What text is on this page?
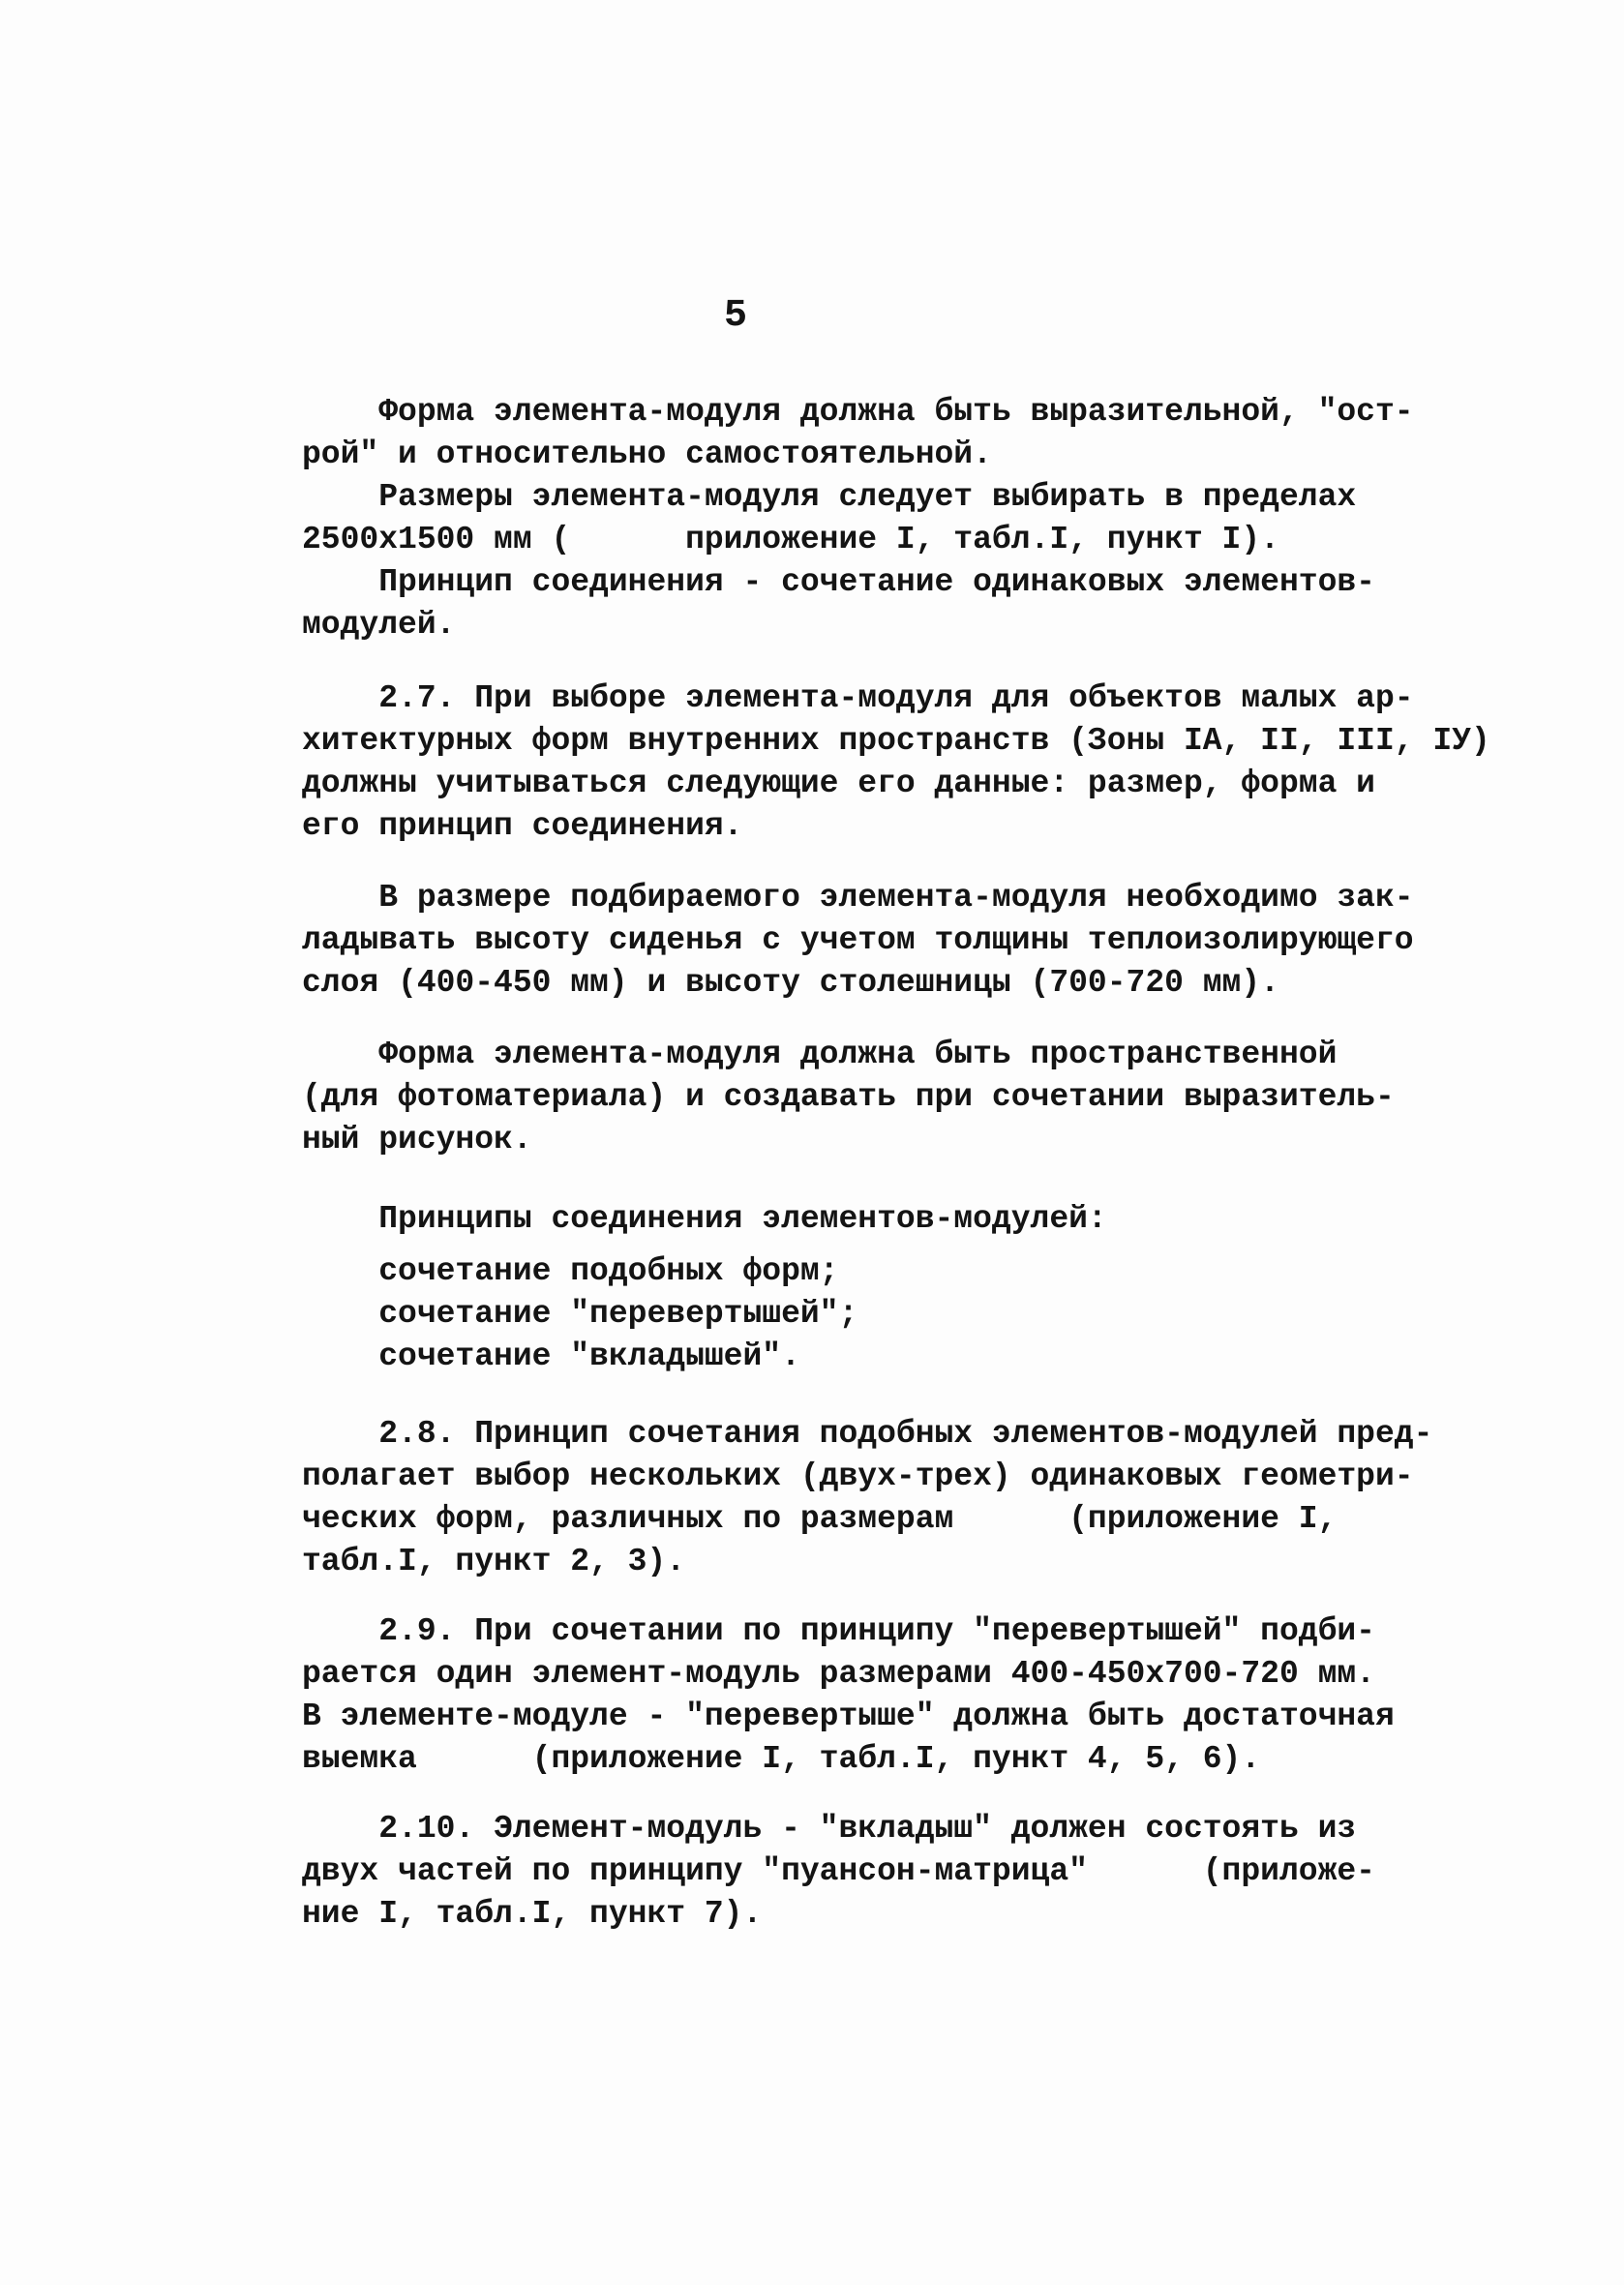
5
Форма элемента-модуля должна быть выразительной, "ост-
рой" и относительно самостоятельной.
Размеры элемента-модуля следует выбирать в пределах
2500х1500 мм (      приложение I, табл.I, пункт I).
Принцип соединения - сочетание одинаковых элементов-
модулей.
2.7. При выборе элемента-модуля для объектов малых ар-
хитектурных форм внутренних пространств (Зоны IA, II, III, IУ)
должны учитываться следующие его данные: размер, форма и
его принцип соединения.
В размере подбираемого элемента-модуля необходимо зак-
ладывать высоту сиденья с учетом толщины теплоизолирующего
слоя (400-450 мм) и высоту столешницы (700-720 мм).
Форма элемента-модуля должна быть пространственной
(для фотоматериала) и создавать при сочетании выразитель-
ный рисунок.
Принципы соединения элементов-модулей:
сочетание подобных форм;
сочетание "перевертышей";
сочетание "вкладышей".
2.8. Принцип сочетания подобных элементов-модулей пред-
полагает выбор нескольких (двух-трех) одинаковых геометри-
ческих форм, различных по размерам      (приложение I,
табл.I, пункт 2, 3).
2.9. При сочетании по принципу "перевертышей" подби-
рается один элемент-модуль размерами 400-450х700-720 мм.
В элементе-модуле - "перевертыше" должна быть достаточная
выемка      (приложение I, табл.I, пункт 4, 5, 6).
2.10. Элемент-модуль - "вкладыш" должен состоять из
двух частей по принципу "пуансон-матрица"      (приложе-
ние I, табл.I, пункт 7).
